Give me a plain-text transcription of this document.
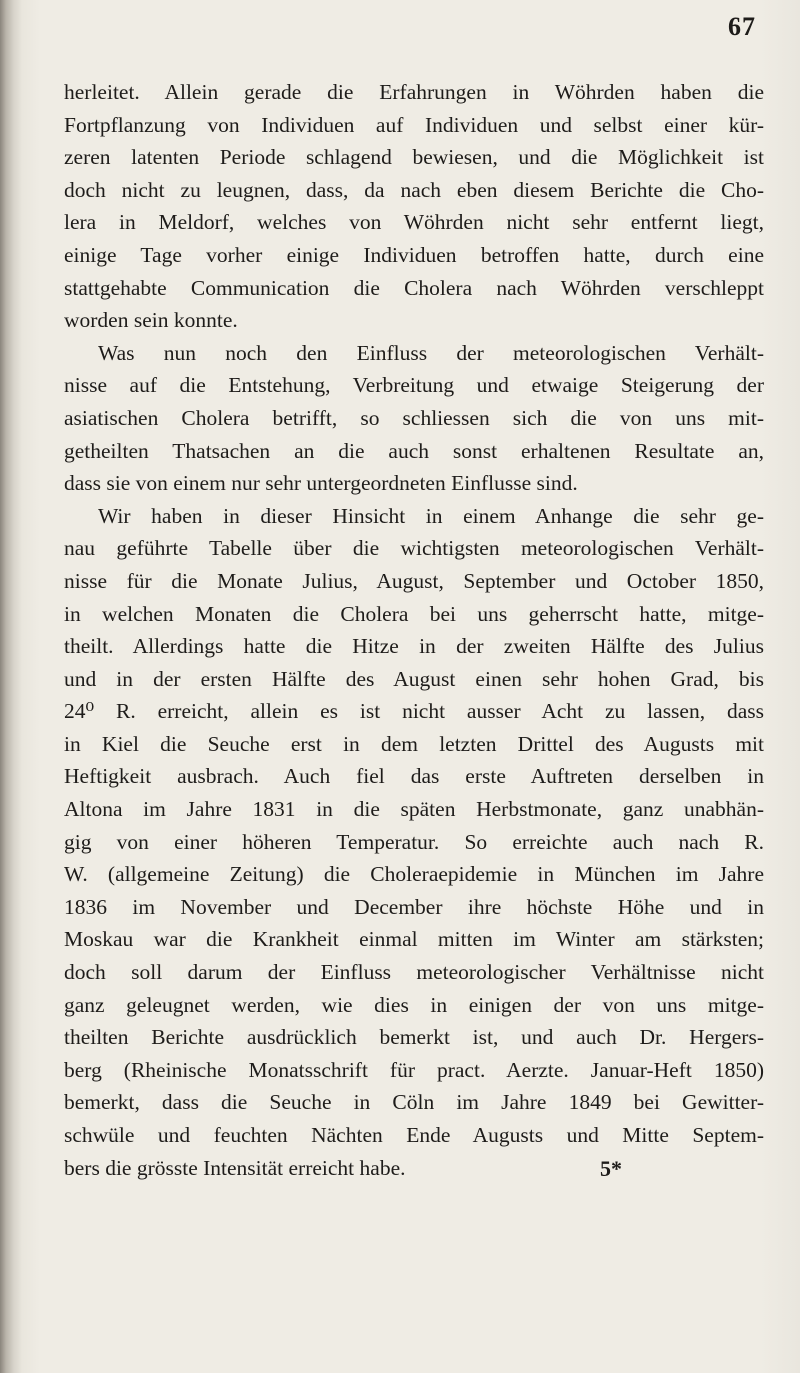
67
herleitet. Allein gerade die Erfahrungen in Wöhrden haben die
Fortpflanzung von Individuen auf Individuen und selbst einer kür-
zeren latenten Periode schlagend bewiesen, und die Möglichkeit ist
doch nicht zu leugnen, dass, da nach eben diesem Berichte die Cho-
lera in Meldorf, welches von Wöhrden nicht sehr entfernt liegt,
einige Tage vorher einige Individuen betroffen hatte, durch eine
stattgehabte Communication die Cholera nach Wöhrden verschleppt
worden sein konnte.
Was nun noch den Einfluss der meteorologischen Verhält-
nisse auf die Entstehung, Verbreitung und etwaige Steigerung der
asiatischen Cholera betrifft, so schliessen sich die von uns mit-
getheilten Thatsachen an die auch sonst erhaltenen Resultate an,
dass sie von einem nur sehr untergeordneten Einflusse sind.
Wir haben in dieser Hinsicht in einem Anhange die sehr ge-
nau geführte Tabelle über die wichtigsten meteorologischen Verhält-
nisse für die Monate Julius, August, September und October 1850,
in welchen Monaten die Cholera bei uns geherrscht hatte, mitge-
theilt. Allerdings hatte die Hitze in der zweiten Hälfte des Julius
und in der ersten Hälfte des August einen sehr hohen Grad, bis
24⁰ R. erreicht, allein es ist nicht ausser Acht zu lassen, dass
in Kiel die Seuche erst in dem letzten Drittel des Augusts mit
Heftigkeit ausbrach. Auch fiel das erste Auftreten derselben in
Altona im Jahre 1831 in die späten Herbstmonate, ganz unabhän-
gig von einer höheren Temperatur. So erreichte auch nach R.
W. (allgemeine Zeitung) die Choleraepidemie in München im Jahre
1836 im November und December ihre höchste Höhe und in
Moskau war die Krankheit einmal mitten im Winter am stärksten;
doch soll darum der Einfluss meteorologischer Verhältnisse nicht
ganz geleugnet werden, wie dies in einigen der von uns mitge-
theilten Berichte ausdrücklich bemerkt ist, und auch Dr. Hergers-
berg (Rheinische Monatsschrift für pract. Aerzte. Januar-Heft 1850)
bemerkt, dass die Seuche in Cöln im Jahre 1849 bei Gewitter-
schwüle und feuchten Nächten Ende Augusts und Mitte Septem-
bers die grösste Intensität erreicht habe.	5*
